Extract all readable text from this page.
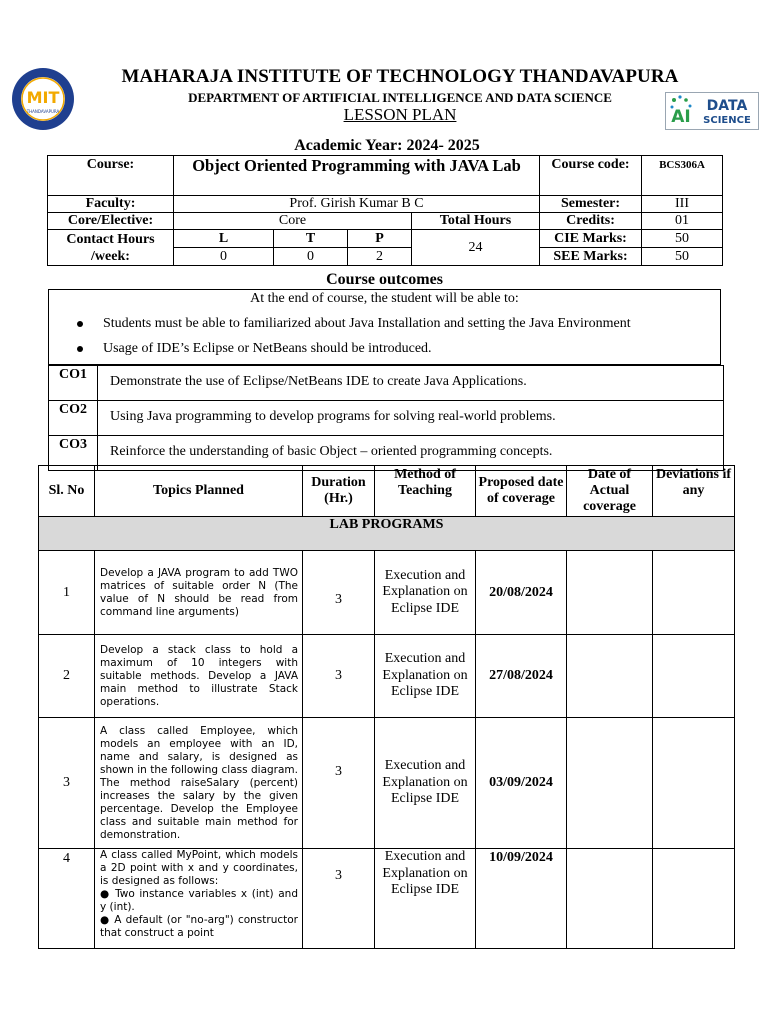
MIT
THANDAVAPURA	AI
DATA
SCIENCE
MAHARAJA INSTITUTE OF TECHNOLOGY THANDAVAPURA
DEPARTMENT OF ARTIFICIAL INTELLIGENCE AND DATA SCIENCE
LESSON PLAN
Academic Year: 2024- 2025
Course:	Object Oriented Programming with JAVA Lab				Course code:	BCS306A
Faculty:	Prof. Girish Kumar B C				Semester:	III
Core/Elective:	Core			Total Hours	Credits:	01
Contact Hours /week:	L	T	P	24	CIE Marks:	50
	0	0	2		SEE Marks:	50
Course outcomes
At the end of course, the student will be able to:
Students must be able to familiarized about Java Installation and setting the Java Environment
Usage of IDE’s Eclipse or NetBeans should be introduced.
CO1	Demonstrate the use of Eclipse/NetBeans IDE to create Java Applications.
CO2	Using Java programming to develop programs for solving real-world problems.
CO3	Reinforce the understanding of basic Object – oriented programming concepts.
Sl. No	Topics Planned	Duration (Hr.)	Method of Teaching	Proposed date of coverage	Date of Actual coverage	Deviations if any
LAB PROGRAMS						
1	Develop a JAVA program to add TWO matrices of suitable order N (The value of N should be read from command line arguments)	3	Execution and Explanation on Eclipse IDE	20/08/2024		
2	Develop a stack class to hold a maximum of 10 integers with suitable methods. Develop a JAVA main method to illustrate Stack operations.	3	Execution and Explanation on Eclipse IDE	27/08/2024		
3	A class called Employee, which models an employee with an ID, name and salary, is designed as shown in the following class diagram. The method raiseSalary (percent) increases the salary by the given percentage. Develop the Employee class and suitable main method for demonstration.	3	Execution and Explanation on Eclipse IDE	03/09/2024		
4	A class called MyPoint, which models a 2D point with x and y coordinates, is designed as follows:
● Two instance variables x (int) and y (int).
● A default (or "no-arg") constructor that construct a point	3	Execution and Explanation on Eclipse IDE	10/09/2024		
